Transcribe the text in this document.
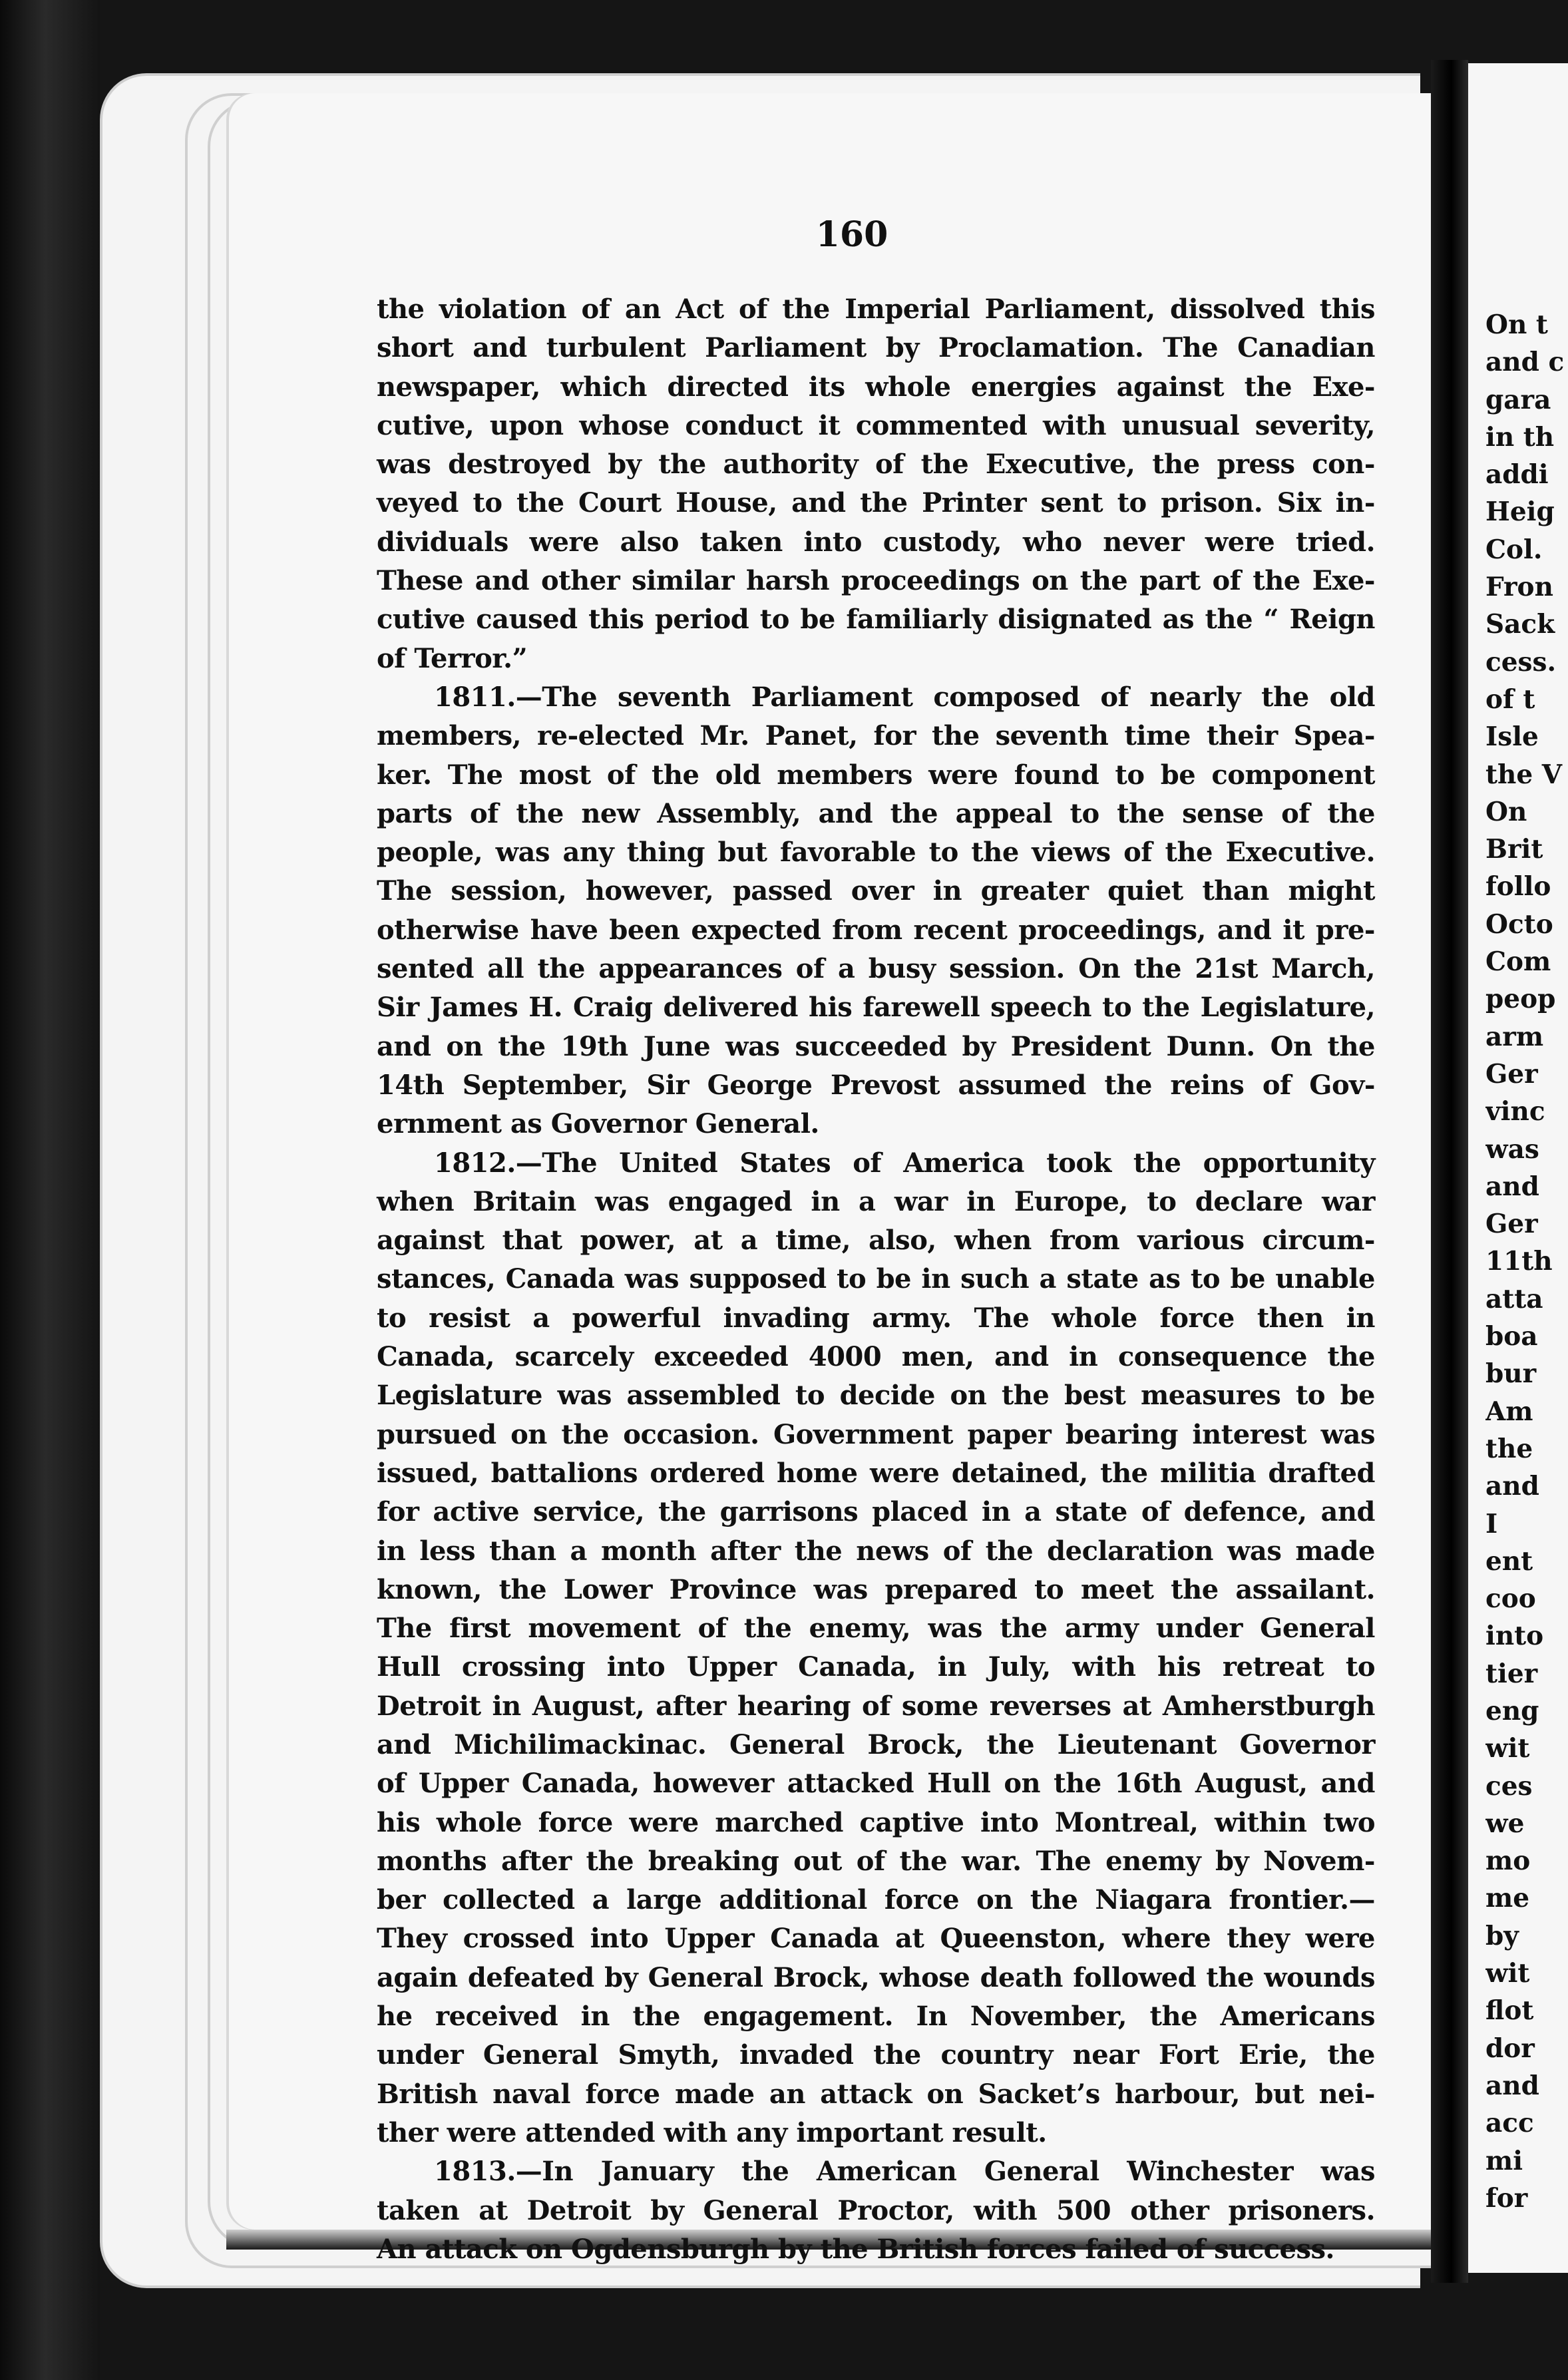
160
the violation of an Act of the Imperial Parliament, dissolved this
short and turbulent Parliament by Proclamation. The Canadian
newspaper, which directed its whole energies against the Exe-
cutive, upon whose conduct it commented with unusual severity,
was destroyed by the authority of the Executive, the press con-
veyed to the Court House, and the Printer sent to prison. Six in-
dividuals were also taken into custody, who never were tried.
These and other similar harsh proceedings on the part of the Exe-
cutive caused this period to be familiarly disignated as the “ Reign
of Terror.”
1811.—The seventh Parliament composed of nearly the old
members, re-elected Mr. Panet, for the seventh time their Spea-
ker. The most of the old members were found to be component
parts of the new Assembly, and the appeal to the sense of the
people, was any thing but favorable to the views of the Executive.
The session, however, passed over in greater quiet than might
otherwise have been expected from recent proceedings, and it pre-
sented all the appearances of a busy session. On the 21st March,
Sir James H. Craig delivered his farewell speech to the Legislature,
and on the 19th June was succeeded by President Dunn. On the
14th September, Sir George Prevost assumed the reins of Gov-
ernment as Governor General.
1812.—The United States of America took the opportunity
when Britain was engaged in a war in Europe, to declare war
against that power, at a time, also, when from various circum-
stances, Canada was supposed to be in such a state as to be unable
to resist a powerful invading army. The whole force then in
Canada, scarcely exceeded 4000 men, and in consequence the
Legislature was assembled to decide on the best measures to be
pursued on the occasion. Government paper bearing interest was
issued, battalions ordered home were detained, the militia drafted
for active service, the garrisons placed in a state of defence, and
in less than a month after the news of the declaration was made
known, the Lower Province was prepared to meet the assailant.
The first movement of the enemy, was the army under General
Hull crossing into Upper Canada, in July, with his retreat to
Detroit in August, after hearing of some reverses at Amherstburgh
and Michilimackinac. General Brock, the Lieutenant Governor
of Upper Canada, however attacked Hull on the 16th August, and
his whole force were marched captive into Montreal, within two
months after the breaking out of the war. The enemy by Novem-
ber collected a large additional force on the Niagara frontier.—
They crossed into Upper Canada at Queenston, where they were
again defeated by General Brock, whose death followed the wounds
he received in the engagement. In November, the Americans
under General Smyth, invaded the country near Fort Erie, the
British naval force made an attack on Sacket’s harbour, but nei-
ther were attended with any important result.
1813.—In January the American General Winchester was
taken at Detroit by General Proctor, with 500 other prisoners.
An attack on Ogdensburgh by the British forces failed of success.
On t
and c
gara
in th
addi
Heig
Col.
Fron
Sack
cess.
of t
Isle
the V
On
Brit
follo
Octo
Com
peop
arm
Ger
vinc
was
and
Ger
11th
atta
boa
bur
Am
the
and
I
ent
coo
into
tier
eng
wit
ces
we
mo
me
by
wit
flot
dor
and
acc
mi
for
